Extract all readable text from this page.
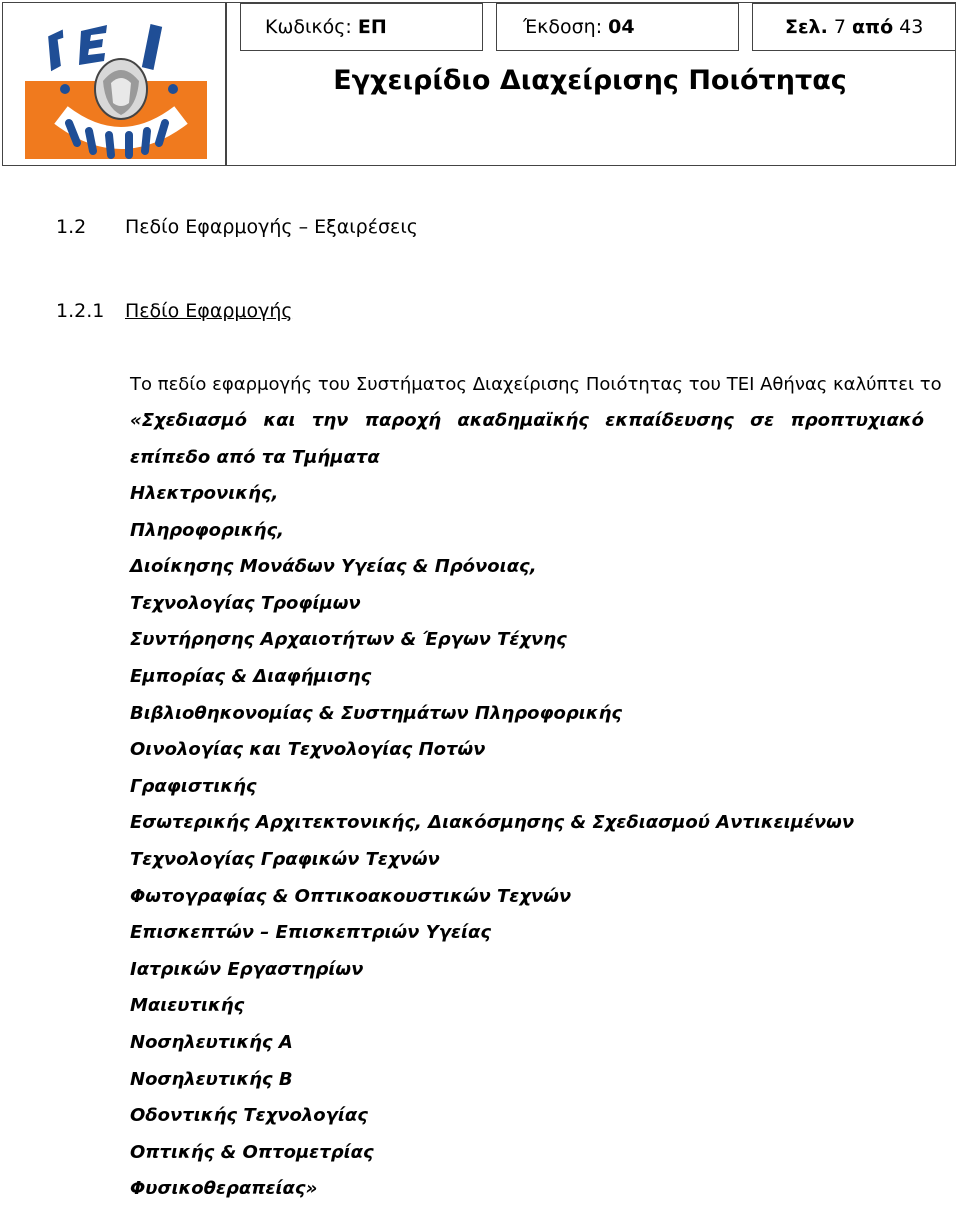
Κωδικός: ΕΠ	Έκδοση: 04	Σελ. 7 από 43
Εγχειρίδιο Διαχείρισης Ποιότητας
1.2 Πεδίο Εφαρμογής – Εξαιρέσεις
1.2.1 Πεδίο Εφαρμογής
Το πεδίο εφαρμογής του Συστήματος Διαχείρισης Ποιότητας του ΤΕΙ Αθήνας καλύπτει το
«Σχεδιασμό και την παροχή ακαδημαϊκής εκπαίδευσης σε προπτυχιακό
επίπεδο από τα Τμήματα
Ηλεκτρονικής,
Πληροφορικής,
Διοίκησης Μονάδων Υγείας & Πρόνοιας,
Τεχνολογίας Τροφίμων
Συντήρησης Αρχαιοτήτων & Έργων Τέχνης
Εμπορίας & Διαφήμισης
Βιβλιοθηκονομίας & Συστημάτων Πληροφορικής
Οινολογίας και Τεχνολογίας Ποτών
Γραφιστικής
Εσωτερικής Αρχιτεκτονικής, Διακόσμησης & Σχεδιασμού Αντικειμένων
Τεχνολογίας Γραφικών Τεχνών
Φωτογραφίας & Οπτικοακουστικών Τεχνών
Επισκεπτών – Επισκεπτριών Υγείας
Ιατρικών Εργαστηρίων
Μαιευτικής
Νοσηλευτικής Α
Νοσηλευτικής Β
Οδοντικής Τεχνολογίας
Οπτικής & Οπτομετρίας
Φυσικοθεραπείας»
